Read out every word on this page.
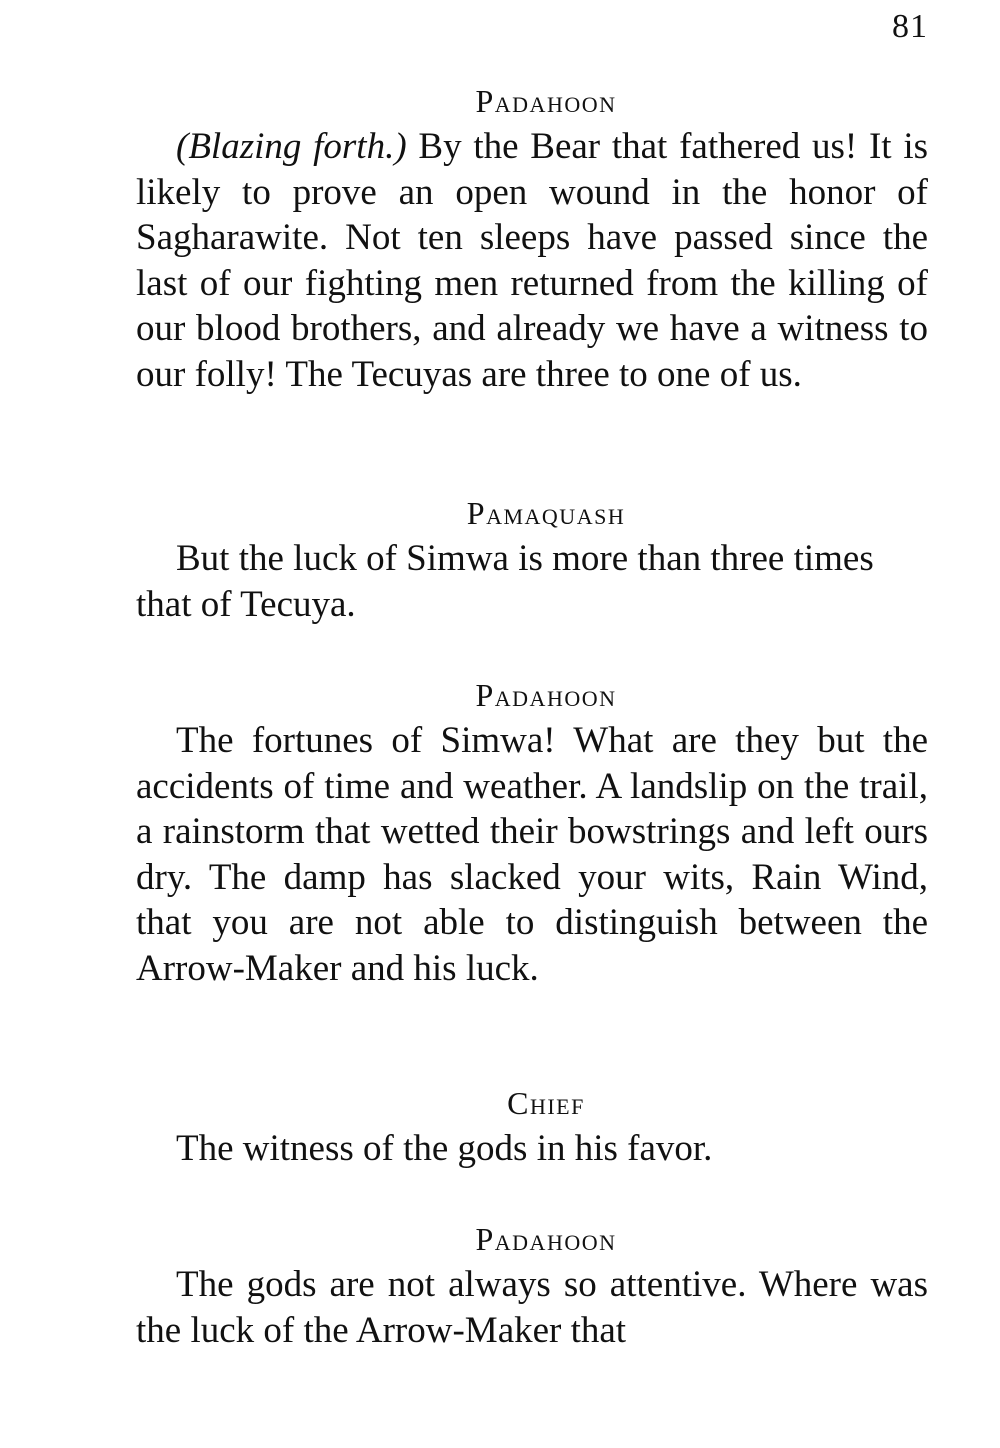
81
Padahoon

(Blazing forth.) By the Bear that fathered us! It is likely to prove an open wound in the honor of Sagharawite. Not ten sleeps have passed since the last of our fighting men returned from the killing of our blood brothers, and already we have a witness to our folly! The Tecuyas are three to one of us.

Pamaquash

But the luck of Simwa is more than three times that of Tecuya.

Padahoon

The fortunes of Simwa! What are they but the accidents of time and weather. A landslip on the trail, a rainstorm that wetted their bowstrings and left ours dry. The damp has slacked your wits, Rain Wind, that you are not able to distinguish between the Arrow-Maker and his luck.

Chief

The witness of the gods in his favor.

Padahoon

The gods are not always so attentive. Where was the luck of the Arrow-Maker that
